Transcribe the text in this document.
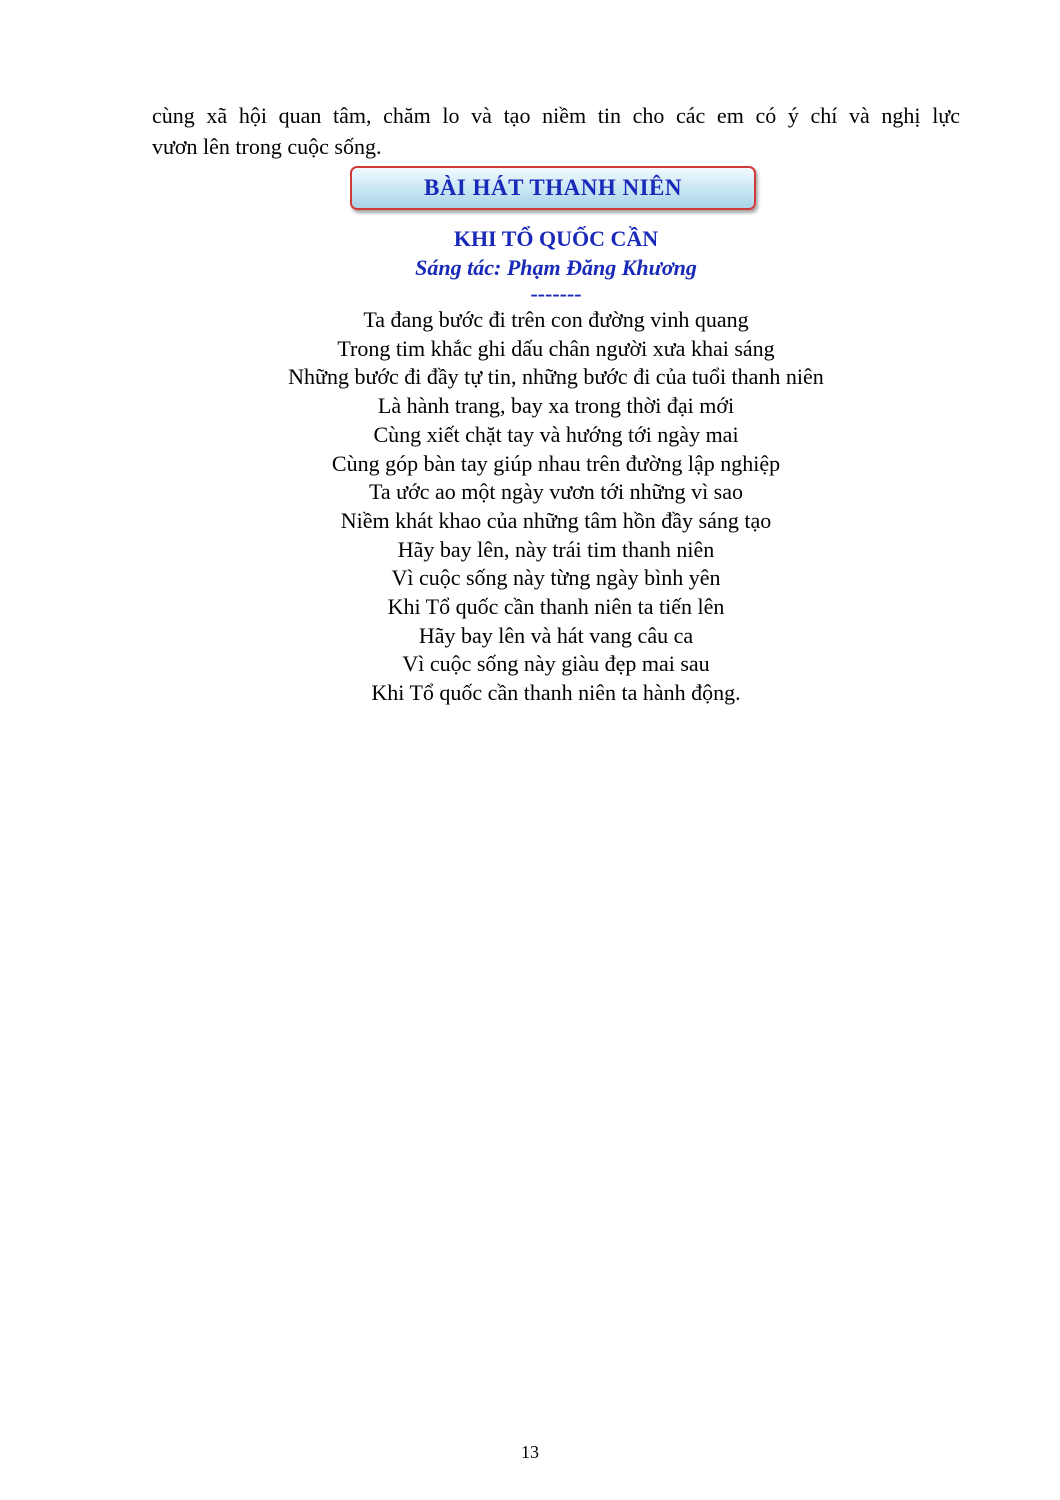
cùng xã hội quan tâm, chăm lo và tạo niềm tin cho các em có ý chí và nghị lực

vươn lên trong cuộc sống.

BÀI HÁT THANH NIÊN

KHI TỔ QUỐC CẦN

Sáng tác: Phạm Đăng Khương

-------

Ta đang bước đi trên con đường vinh quang
Trong tim khắc ghi dấu chân người xưa khai sáng
Những bước đi đầy tự tin, những bước đi của tuổi thanh niên
Là hành trang, bay xa trong thời đại mới
Cùng xiết chặt tay và hướng tới ngày mai
Cùng góp bàn tay giúp nhau trên đường lập nghiệp
Ta ước ao một ngày vươn tới những vì sao
Niềm khát khao của những tâm hồn đầy sáng tạo
Hãy bay lên, này trái tim thanh niên
Vì cuộc sống này từng ngày bình yên
Khi Tổ quốc cần thanh niên ta tiến lên
Hãy bay lên và hát vang câu ca
Vì cuộc sống này giàu đẹp mai sau
Khi Tổ quốc cần thanh niên ta hành động.
13
